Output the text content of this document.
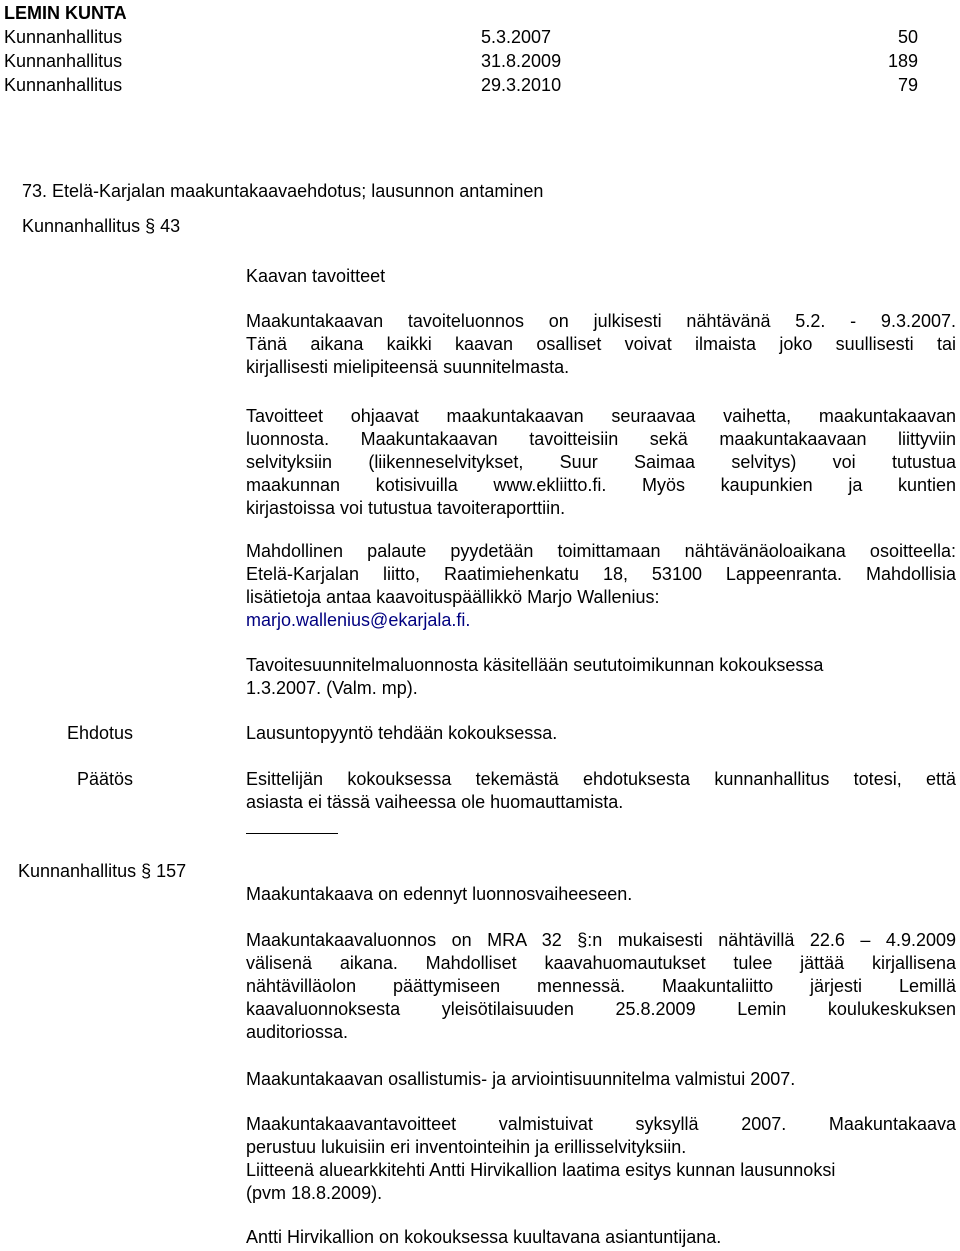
LEMIN KUNTA
Kunnanhallitus	5.3.2007	50
Kunnanhallitus	31.8.2009	189
Kunnanhallitus	29.3.2010	79
73. Etelä-Karjalan maakuntakaavaehdotus; lausunnon antaminen
Kunnanhallitus § 43
Kaavan tavoitteet
Maakuntakaavan tavoiteluonnos on julkisesti nähtävänä 5.2. - 9.3.2007.
Tänä aikana kaikki kaavan osalliset voivat ilmaista joko suullisesti tai
kirjallisesti mielipiteensä suunnitelmasta.
Tavoitteet ohjaavat maakuntakaavan seuraavaa vaihetta, maakuntakaavan
luonnosta. Maakuntakaavan tavoitteisiin sekä maakuntakaavaan liittyviin
selvityksiin (liikenneselvitykset, Suur Saimaa selvitys) voi tutustua
maakunnan kotisivuilla www.ekliitto.fi. Myös kaupunkien ja kuntien
kirjastoissa voi tutustua tavoiteraporttiin.
Mahdollinen palaute pyydetään toimittamaan nähtävänäoloaikana osoitteella:
Etelä-Karjalan liitto, Raatimiehenkatu 18, 53100 Lappeenranta. Mahdollisia
lisätietoja antaa kaavoituspäällikkö Marjo Wallenius:
marjo.wallenius@ekarjala.fi.
Tavoitesuunnitelmaluonnosta käsitellään seututoimikunnan kokouksessa
1.3.2007. (Valm. mp).
Ehdotus	Lausuntopyyntö tehdään kokouksessa.
Päätös	Esittelijän kokouksessa tekemästä ehdotuksesta kunnanhallitus totesi, että
asiasta ei tässä vaiheessa ole huomauttamista.
Kunnanhallitus § 157
Maakuntakaava on edennyt luonnosvaiheeseen.
Maakuntakaavaluonnos on MRA 32 §:n mukaisesti nähtävillä 22.6 – 4.9.2009
välisenä aikana. Mahdolliset kaavahuomautukset tulee jättää kirjallisena
nähtävilläolon päättymiseen mennessä. Maakuntaliitto järjesti Lemillä
kaavaluonnoksesta yleisötilaisuuden 25.8.2009 Lemin koulukeskuksen
auditoriossa.
Maakuntakaavan osallistumis- ja arviointisuunnitelma valmistui 2007.
Maakuntakaavantavoitteet valmistuivat syksyllä 2007. Maakuntakaava
perustuu lukuisiin eri inventointeihin ja erillisselvityksiin.
Liitteenä aluearkkitehti Antti Hirvikallion laatima esitys kunnan lausunnoksi
(pvm 18.8.2009).
Antti Hirvikallion on kokouksessa kuultavana asiantuntijana.
